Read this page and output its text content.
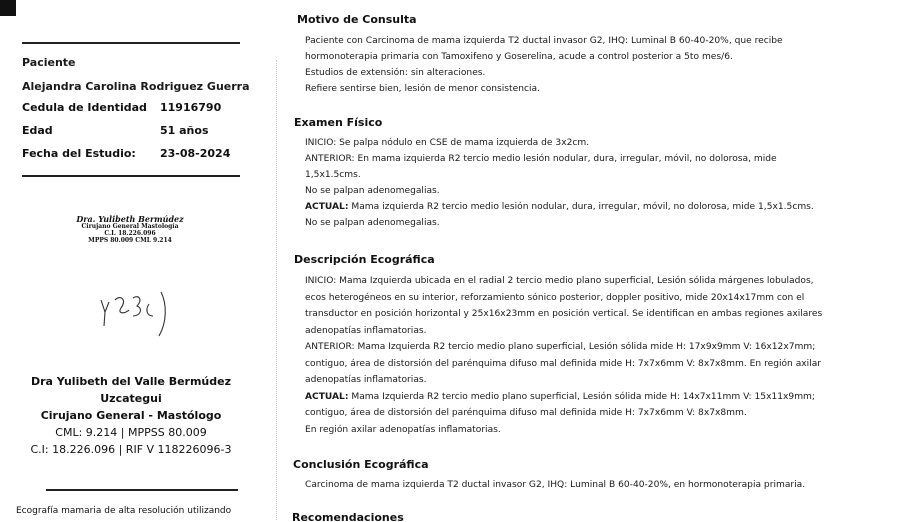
Paciente
Alejandra Carolina Rodriguez Guerra
Cedula de Identidad 11916790
Edad	51 años
Fecha del Estudio: 23-08-2024
Dra. Yulibeth Bermúdez
Cirujano General Mastología
C.I. 18.226.096
MPPS 80.009 CML 9.214
Dra Yulibeth del Valle Bermúdez
Uzcategui
Cirujano General - Mastólogo
CML: 9.214 | MPPSS 80.009
C.I: 18.226.096 | RIF V 118226096-3
Ecografía mamaria de alta resolución utilizando
Motivo de Consulta
Paciente con Carcinoma de mama izquierda T2 ductal invasor G2, IHQ: Luminal B 60-40-20%, que recibe
hormonoterapia primaria con Tamoxifeno y Goserelina, acude a control posterior a 5to mes/6.
Estudios de extensión: sin alteraciones.
Refiere sentirse bien, lesión de menor consistencia.
Examen Físico
INICIO: Se palpa nódulo en CSE de mama izquierda de 3x2cm.
ANTERIOR: En mama izquierda R2 tercio medio lesión nodular, dura, irregular, móvil, no dolorosa, mide
1,5x1.5cms.
No se palpan adenomegalias.
ACTUAL: Mama izquierda R2 tercio medio lesión nodular, dura, irregular, móvil, no dolorosa, mide 1,5x1.5cms.
No se palpan adenomegalias.
Descripción Ecográfica
INICIO: Mama Izquierda ubicada en el radial 2 tercio medio plano superficial, Lesión sólida márgenes lobulados,
ecos heterogéneos en su interior, reforzamiento sónico posterior, doppler positivo, mide 20x14x17mm con el
transductor en posición horizontal y 25x16x23mm en posición vertical. Se identifican en ambas regiones axilares
adenopatías inflamatorias.
ANTERIOR: Mama Izquierda R2 tercio medio plano superficial, Lesión sólida mide H: 17x9x9mm V: 16x12x7mm;
contiguo, área de distorsión del parénquima difuso mal definida mide H: 7x7x6mm V: 8x7x8mm. En región axilar
adenopatías inflamatorias.
ACTUAL: Mama Izquierda R2 tercio medio plano superficial, Lesión sólida mide H: 14x7x11mm V: 15x11x9mm;
contiguo, área de distorsión del parénquima difuso mal definida mide H: 7x7x6mm V: 8x7x8mm.
En región axilar adenopatías inflamatorias.
Conclusión Ecográfica
Carcinoma de mama izquierda T2 ductal invasor G2, IHQ: Luminal B 60-40-20%, en hormonoterapia primaria.
Recomendaciones
